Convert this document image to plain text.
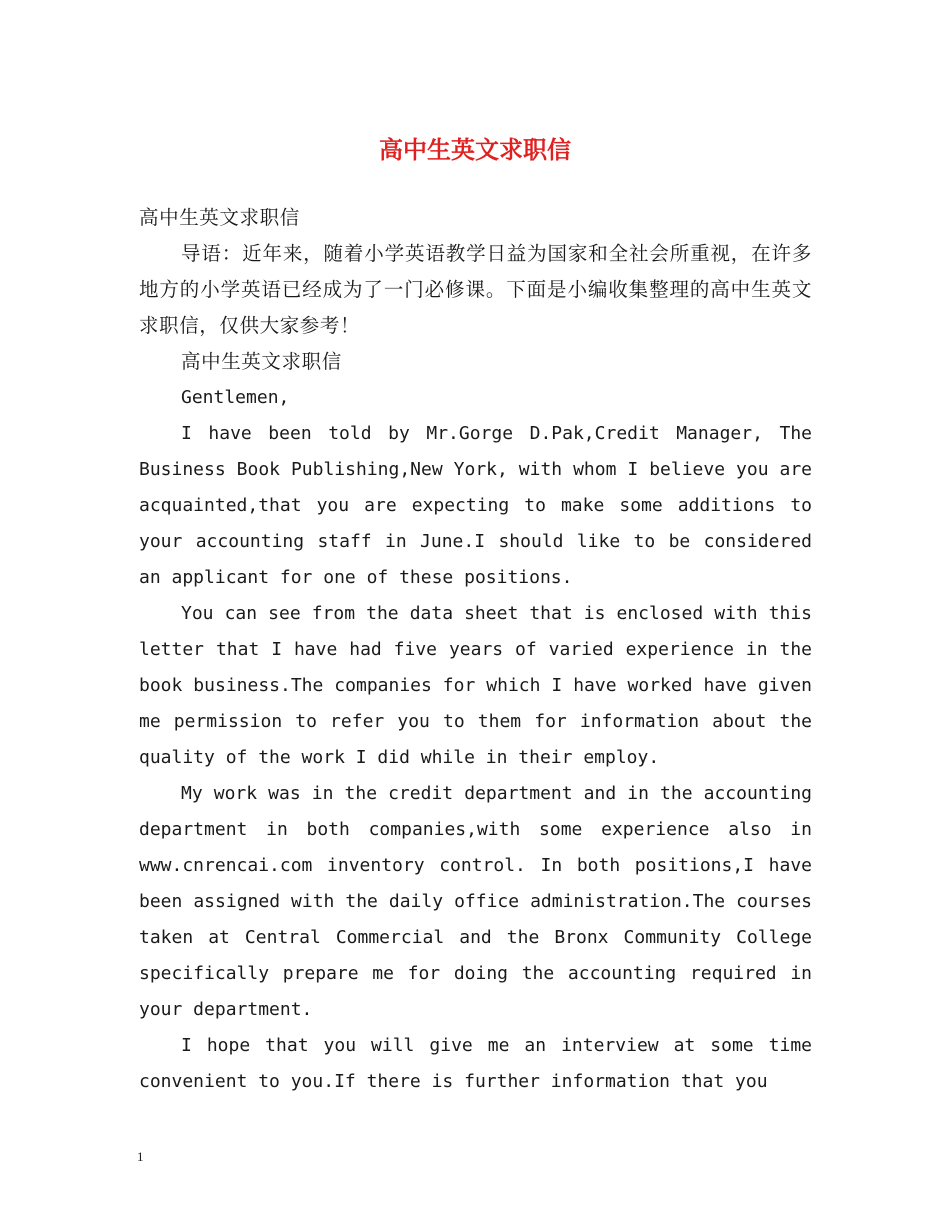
高中生英文求职信

高中生英文求职信

导语：近年来，随着小学英语教学日益为国家和全社会所重视，在许多地方的小学英语已经成为了一门必修课。下面是小编收集整理的高中生英文求职信，仅供大家参考！

高中生英文求职信

Gentlemen,

I have been told by Mr.Gorge D.Pak,Credit Manager, The Business Book Publishing,New York, with whom I believe you are acquainted,that you are expecting to make some additions to your accounting staff in June.I should like to be considered an applicant for one of these positions.

You can see from the data sheet that is enclosed with this letter that I have had five years of varied experience in the book business.The companies for which I have worked have given me permission to refer you to them for information about the quality of the work I did while in their employ.

My work was in the credit department and in the accounting department in both companies,with some experience also in www.cnrencai.com inventory control. In both positions,I have been assigned with the daily office administration.The courses taken at Central Commercial and the Bronx Community College specifically prepare me for doing the accounting required in your department.

I hope that you will give me an interview at some time convenient to you.If there is further information that you

1
